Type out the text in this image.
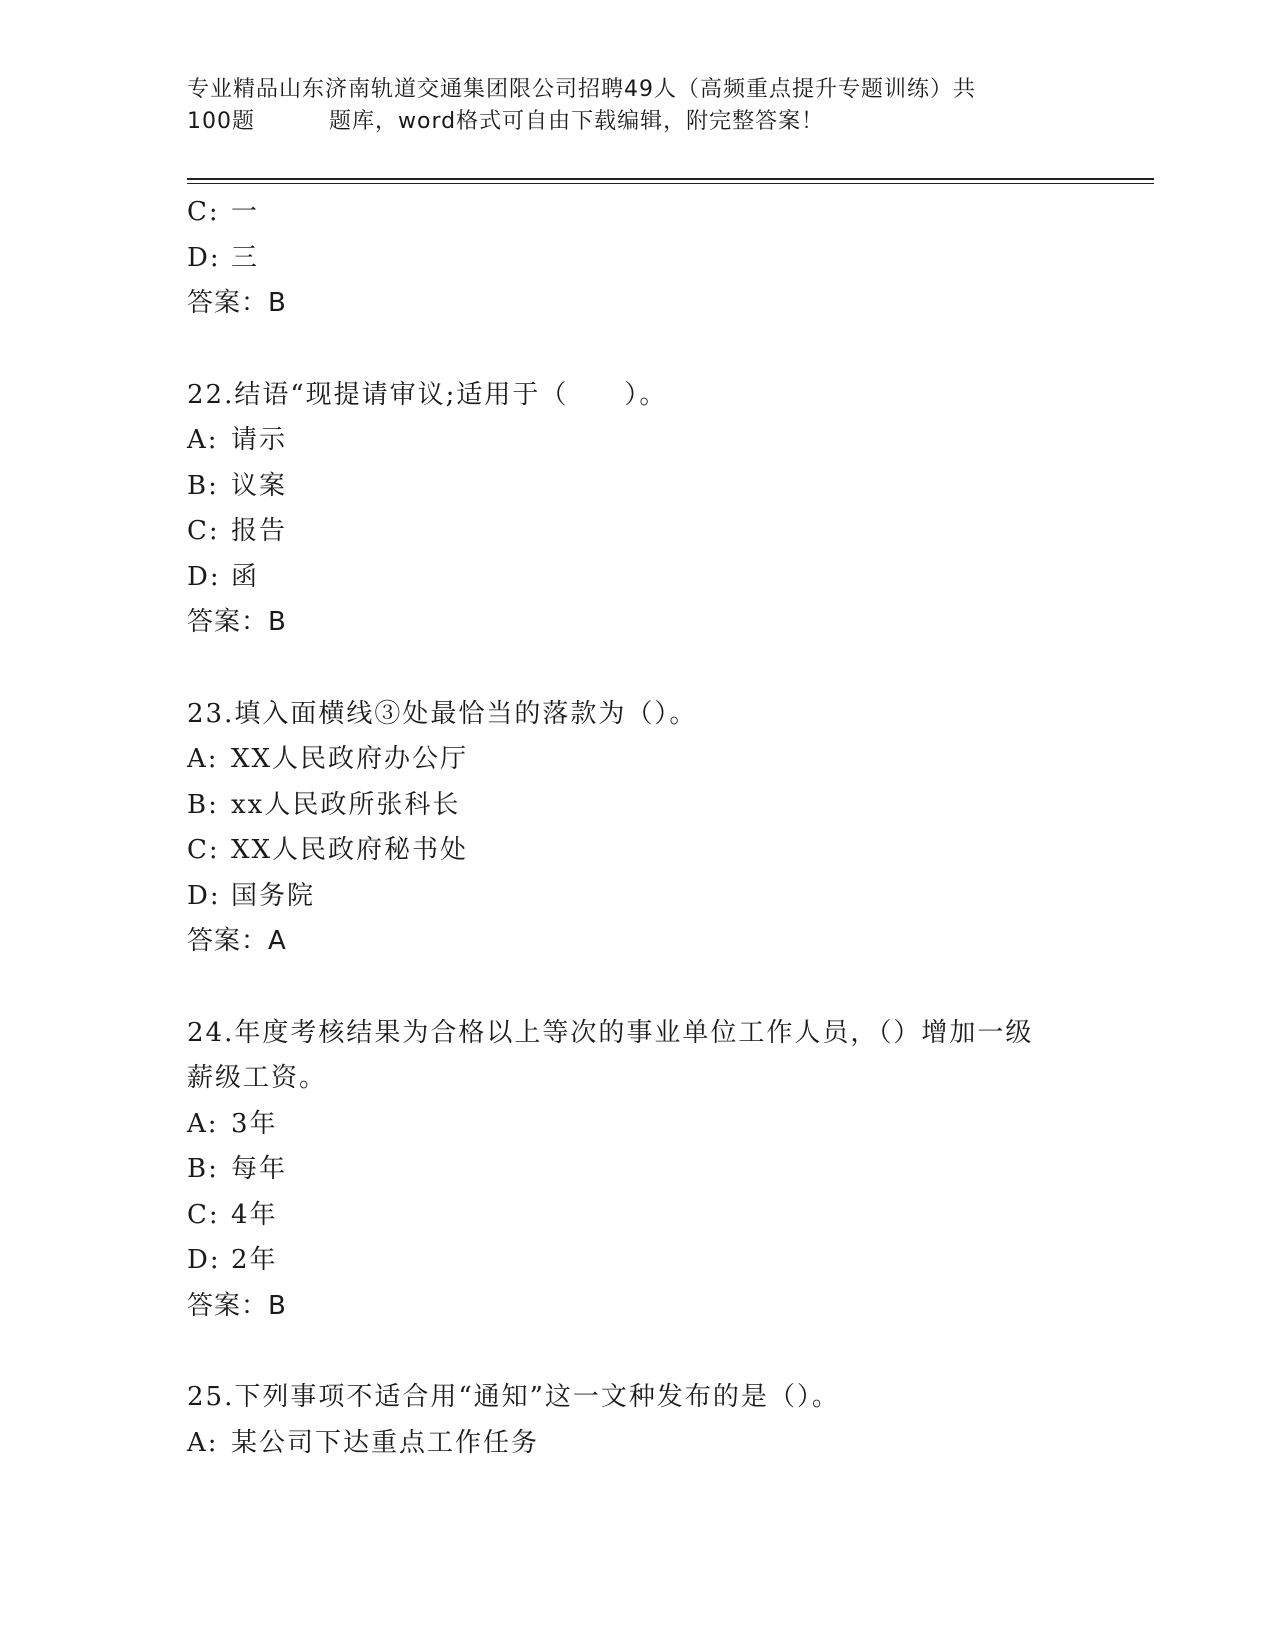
专业精品山东济南轨道交通集团限公司招聘49人（高频重点提升专题训练）共
100题	题库，word格式可自由下载编辑，附完整答案！
C: 一
D: 三
答案：B
22.结语“现提请审议;适用于（　　）。
A: 请示
B: 议案
C: 报告
D: 函
答案：B
23.填入面横线③处最恰当的落款为（）。
A: XX人民政府办公厅
B: xx人民政所张科长
C: XX人民政府秘书处
D: 国务院
答案：A
24.年度考核结果为合格以上等次的事业单位工作人员，（）增加一级
薪级工资。
A: 3年
B: 每年
C: 4年
D: 2年
答案：B
25.下列事项不适合用“通知”这一文种发布的是（）。
A: 某公司下达重点工作任务
